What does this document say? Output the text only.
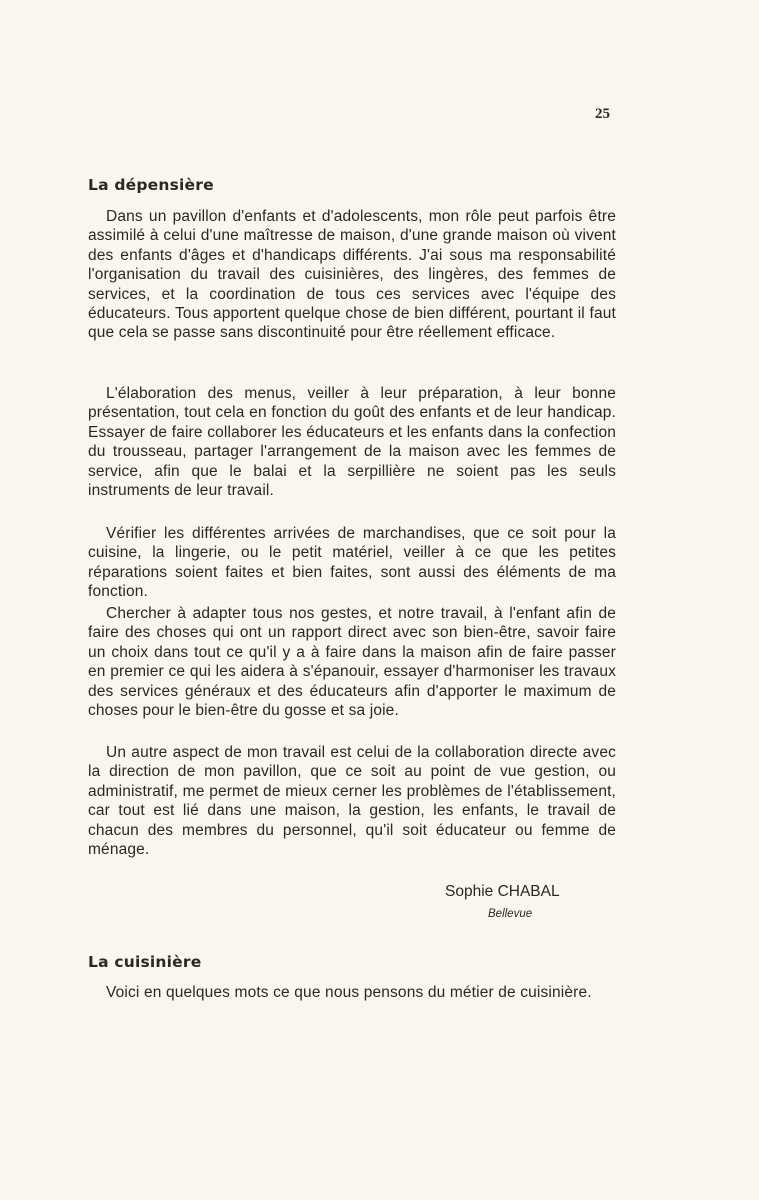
25
La dépensière

Dans un pavillon d'enfants et d'adolescents, mon rôle peut parfois être assimilé à celui d'une maîtresse de maison, d'une grande maison où vivent des enfants d'âges et d'handicaps différents. J'ai sous ma responsabilité l'organisation du travail des cuisinières, des lingères, des femmes de services, et la coordination de tous ces services avec l'équipe des éducateurs. Tous apportent quelque chose de bien différent, pourtant il faut que cela se passe sans discontinuité pour être réellement efficace.

L'élaboration des menus, veiller à leur préparation, à leur bonne présentation, tout cela en fonction du goût des enfants et de leur handicap. Essayer de faire collaborer les éducateurs et les enfants dans la confection du trousseau, partager l'arrangement de la maison avec les femmes de service, afin que le balai et la serpillière ne soient pas les seuls instruments de leur travail.

Vérifier les différentes arrivées de marchandises, que ce soit pour la cuisine, la lingerie, ou le petit matériel, veiller à ce que les petites réparations soient faites et bien faites, sont aussi des éléments de ma fonction.

Chercher à adapter tous nos gestes, et notre travail, à l'enfant afin de faire des choses qui ont un rapport direct avec son bien-être, savoir faire un choix dans tout ce qu'il y a à faire dans la maison afin de faire passer en premier ce qui les aidera à s'épanouir, essayer d'harmoniser les travaux des services généraux et des éducateurs afin d'apporter le maximum de choses pour le bien-être du gosse et sa joie.

Un autre aspect de mon travail est celui de la collaboration directe avec la direction de mon pavillon, que ce soit au point de vue gestion, ou administratif, me permet de mieux cerner les problèmes de l'établissement, car tout est lié dans une maison, la gestion, les enfants, le travail de chacun des membres du personnel, qu'il soit éducateur ou femme de ménage.

Sophie CHABAL
Bellevue
La cuisinière

Voici en quelques mots ce que nous pensons du métier de cuisinière.
